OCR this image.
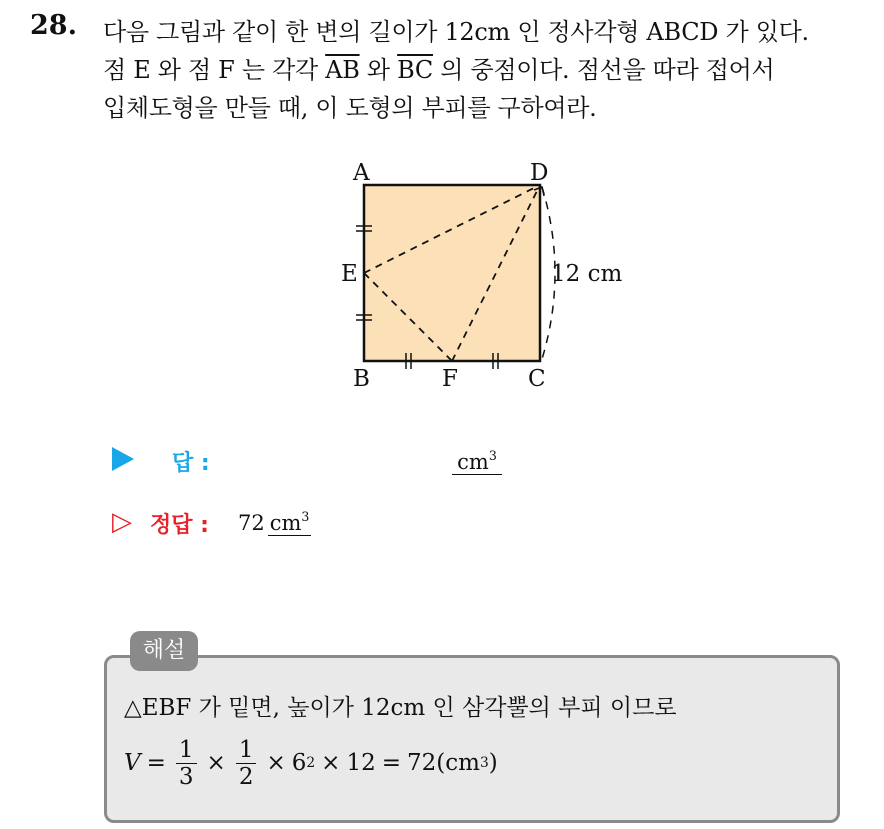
28. 다음 그림과 같이 한 변의 길이가 12cm 인 정사각형 ABCD 가 있다.
점 E 와 점 F 는 각각 $\overline{AB}$ 와 $\overline{BC}$ 의 중점이다. 점선을 따라 접어서
입체도형을 만들 때, 이 도형의 부피를 구하여라.
A	D
E
B	F	C
12 cm
답 :	$cm^3$
▷ 정답 : 72 $cm^3$
해설
△EBF 가 밑면, 높이가 12cm 인 삼각뿔의 부피 이므로
$V = \frac{1}{3} \times \frac{1}{2} \times 6$ 2 × 12 = 72(cm 3 )
